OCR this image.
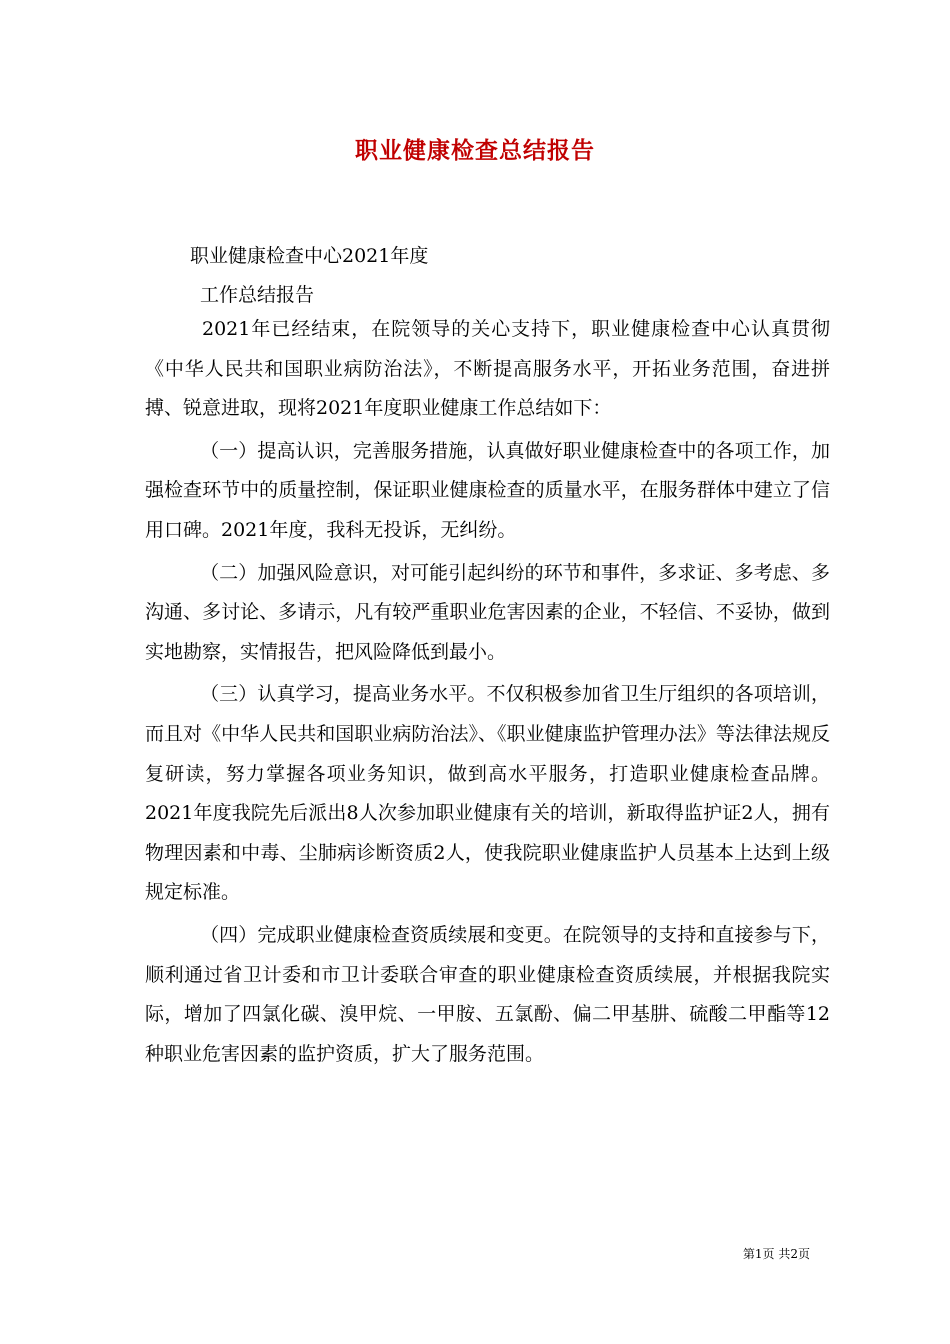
职业健康检查总结报告
职业健康检查中心2021年度
工作总结报告

2021年已经结束，在院领导的关心支持下，职业健康检查中心认真贯彻《中华人民共和国职业病防治法》，不断提高服务水平，开拓业务范围，奋进拼搏、锐意进取，现将2021年度职业健康工作总结如下：

（一）提高认识，完善服务措施，认真做好职业健康检查中的各项工作，加强检查环节中的质量控制，保证职业健康检查的质量水平，在服务群体中建立了信用口碑。2021年度，我科无投诉，无纠纷。

（二）加强风险意识，对可能引起纠纷的环节和事件，多求证、多考虑、多沟通、多讨论、多请示，凡有较严重职业危害因素的企业，不轻信、不妥协，做到实地勘察，实情报告，把风险降低到最小。

（三）认真学习，提高业务水平。不仅积极参加省卫生厅组织的各项培训，而且对《中华人民共和国职业病防治法》、《职业健康监护管理办法》等法律法规反复研读，努力掌握各项业务知识，做到高水平服务，打造职业健康检查品牌。2021年度我院先后派出8人次参加职业健康有关的培训，新取得监护证2人，拥有物理因素和中毒、尘肺病诊断资质2人，使我院职业健康监护人员基本上达到上级规定标准。

（四）完成职业健康检查资质续展和变更。在院领导的支持和直接参与下，顺利通过省卫计委和市卫计委联合审查的职业健康检查资质续展，并根据我院实际，增加了四氯化碳、溴甲烷、一甲胺、五氯酚、偏二甲基肼、硫酸二甲酯等12种职业危害因素的监护资质，扩大了服务范围。

第1页 共2页
